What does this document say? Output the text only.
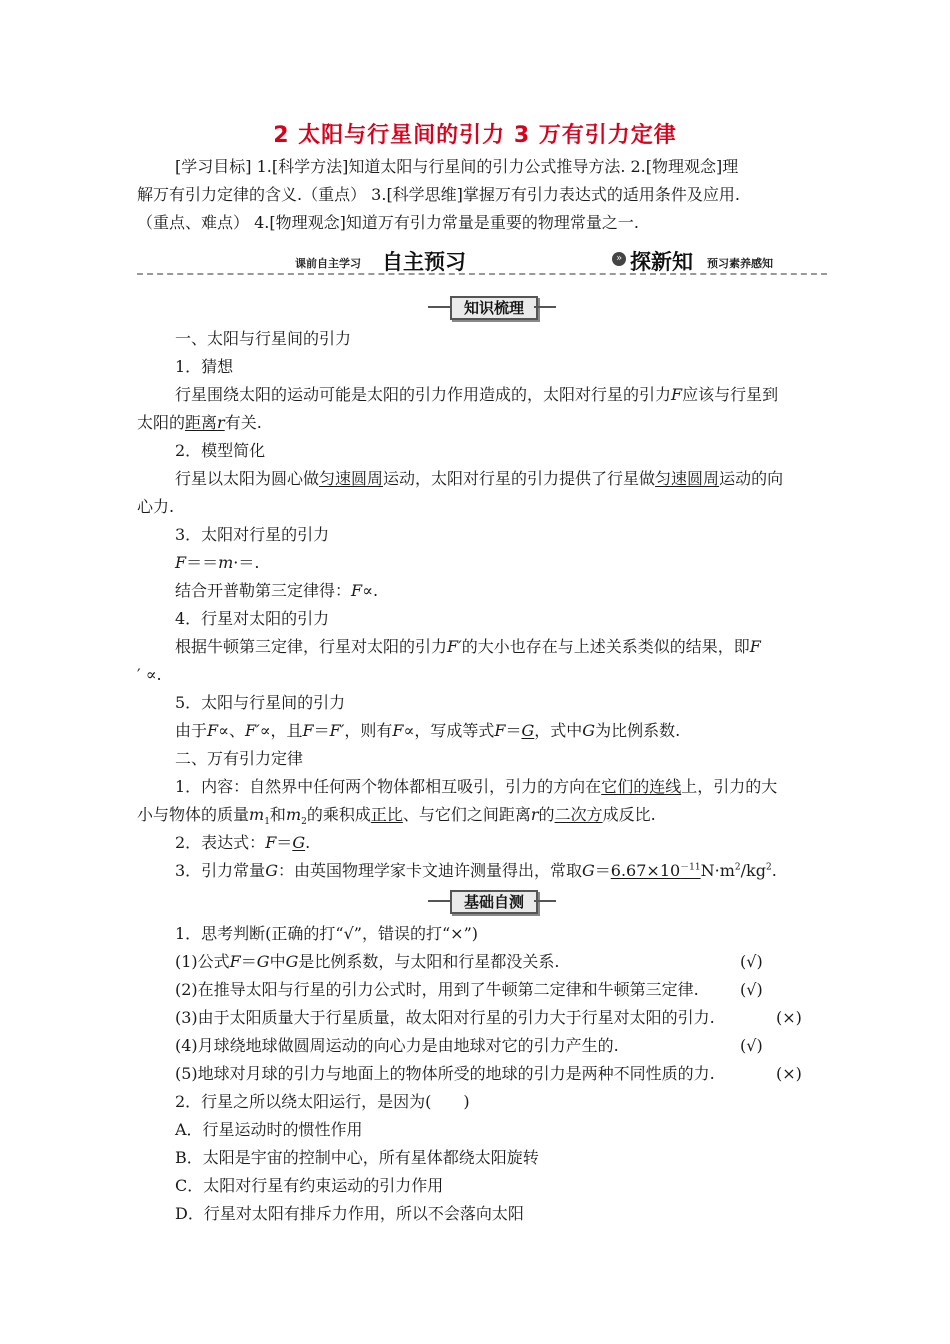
2 太阳与行星间的引力 3 万有引力定律
[学习目标] 1.[科学方法]知道太阳与行星间的引力公式推导方法. 2.[物理观念]理
解万有引力定律的含义.（重点） 3.[科学思维]掌握万有引力表达式的适用条件及应用.
（重点、难点） 4.[物理观念]知道万有引力常量是重要的物理常量之一.
课前自主学习 自主预习	» 探新知 预习素养感知
知识梳理
一、太阳与行星间的引力
1．猜想
行星围绕太阳的运动可能是太阳的引力作用造成的，太阳对行星的引力F应该与行星到
太阳的距离r有关.
2．模型简化
行星以太阳为圆心做匀速圆周运动，太阳对行星的引力提供了行星做匀速圆周运动的向
心力.
3．太阳对行星的引力
F＝＝m·＝.
结合开普勒第三定律得：F∝.
4．行星对太阳的引力
根据牛顿第三定律，行星对太阳的引力F′的大小也存在与上述关系类似的结果，即F
′ ∝.
5．太阳与行星间的引力
由于F∝、F′∝，且F＝F′，则有F∝，写成等式F＝G，式中G为比例系数.
二、万有引力定律
1．内容：自然界中任何两个物体都相互吸引，引力的方向在它们的连线上，引力的大
小与物体的质量$m_1$和$m_2$的乘积成正比、与它们之间距离r的二次方成反比.
2．表达式：F＝G.
3．引力常量G：由英国物理学家卡文迪许测量得出，常取$G=6.67\times 10^{-11}N\cdot m^2/kg^2$.
基础自测
1．思考判断(正确的打“√”，错误的打“×”)
(1)公式F＝G中G是比例系数，与太阳和行星都没关系.	(√)
(2)在推导太阳与行星的引力公式时，用到了牛顿第二定律和牛顿第三定律.	(√)
(3)由于太阳质量大于行星质量，故太阳对行星的引力大于行星对太阳的引力.	(×)
(4)月球绕地球做圆周运动的向心力是由地球对它的引力产生的.	(√)
(5)地球对月球的引力与地面上的物体所受的地球的引力是两种不同性质的力.	(×)
2．行星之所以绕太阳运行，是因为(　　)
A．行星运动时的惯性作用
B．太阳是宇宙的控制中心，所有星体都绕太阳旋转
C．太阳对行星有约束运动的引力作用
D．行星对太阳有排斥力作用，所以不会落向太阳
